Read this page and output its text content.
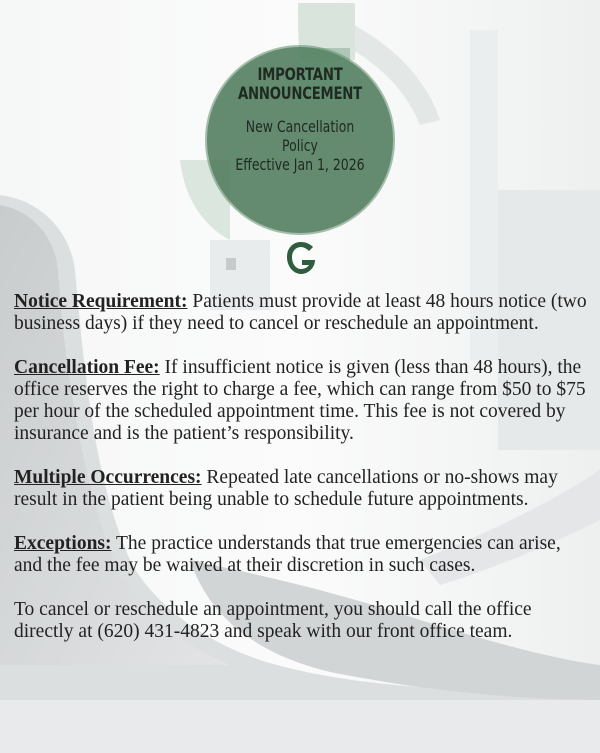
IMPORTANT
ANNOUNCEMENT
New Cancellation
Policy
Effective Jan 1, 2026

Notice Requirement: Patients must provide at least 48 hours notice (two business days) if they need to cancel or reschedule an appointment.

Cancellation Fee: If insufficient notice is given (less than 48 hours), the office reserves the right to charge a fee, which can range from $50 to $75 per hour of the scheduled appointment time. This fee is not covered by insurance and is the patient’s responsibility.

Multiple Occurrences: Repeated late cancellations or no-shows may result in the patient being unable to schedule future appointments.

Exceptions: The practice understands that true emergencies can arise, and the fee may be waived at their discretion in such cases.

To cancel or reschedule an appointment, you should call the office directly at (620) 431-4823 and speak with our front office team.
